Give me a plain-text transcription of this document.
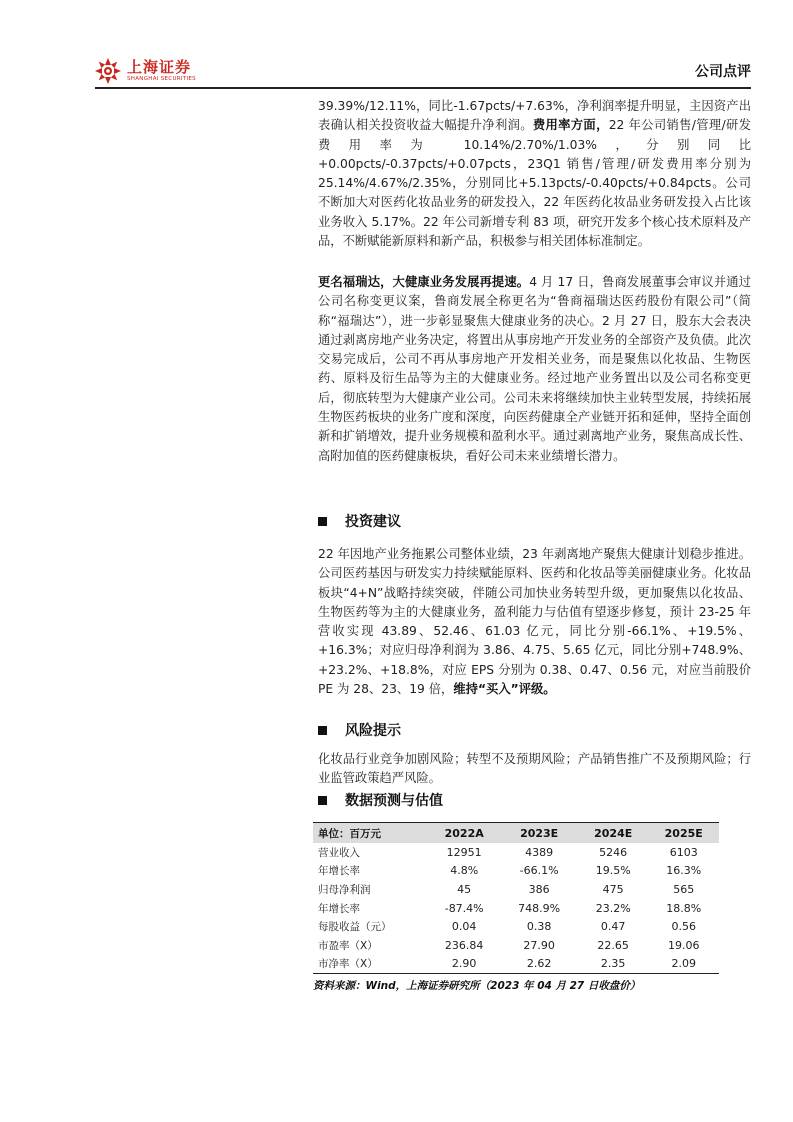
上海证券
SHANGHAI SECURITIES	公司点评

39.39%/12.11%，同比-1.67pcts/+7.63%，净利润率提升明显，主因资产出表确认相关投资收益大幅提升净利润。费用率方面，22 年公司销售/管理/研发费用率为 10.14%/2.70%/1.03%，分别同比+0.00pcts/-0.37pcts/+0.07pcts，23Q1 销售/管理/研发费用率分别为 25.14%/4.67%/2.35%，分别同比+5.13pcts/-0.40pcts/+0.84pcts。公司不断加大对医药化妆品业务的研发投入，22 年医药化妆品业务研发投入占比该业务收入 5.17%。22 年公司新增专利 83 项，研究开发多个核心技术原料及产品，不断赋能新原料和新产品，积极参与相关团体标准制定。

更名福瑞达，大健康业务发展再提速。4 月 17 日，鲁商发展董事会审议并通过公司名称变更议案，鲁商发展全称更名为“鲁商福瑞达医药股份有限公司”（简称“福瑞达”），进一步彰显聚焦大健康业务的决心。2 月 27 日，股东大会表决通过剥离房地产业务决定，将置出从事房地产开发业务的全部资产及负债。此次交易完成后，公司不再从事房地产开发相关业务，而是聚焦以化妆品、生物医药、原料及衍生品等为主的大健康业务。经过地产业务置出以及公司名称变更后，彻底转型为大健康产业公司。公司未来将继续加快主业转型发展，持续拓展生物医药板块的业务广度和深度，向医药健康全产业链开拓和延伸，坚持全面创新和扩销增效，提升业务规模和盈利水平。通过剥离地产业务，聚焦高成长性、高附加值的医药健康板块，看好公司未来业绩增长潜力。

投资建议

22 年因地产业务拖累公司整体业绩，23 年剥离地产聚焦大健康计划稳步推进。公司医药基因与研发实力持续赋能原料、医药和化妆品等美丽健康业务。化妆品板块“4+N”战略持续突破，伴随公司加快业务转型升级，更加聚焦以化妆品、生物医药等为主的大健康业务，盈利能力与估值有望逐步修复，预计 23-25 年营收实现 43.89、52.46、61.03 亿元，同比分别-66.1%、+19.5%、+16.3%；对应归母净利润为 3.86、4.75、5.65 亿元，同比分别+748.9%、+23.2%、+18.8%，对应 EPS 分别为 0.38、0.47、0.56 元，对应当前股价 PE 为 28、23、19 倍，维持“买入”评级。

风险提示

化妆品行业竞争加剧风险；转型不及预期风险；产品销售推广不及预期风险；行业监管政策趋严风险。

数据预测与估值
单位：百万元	2022A	2023E	2024E	2025E
营业收入	12951	4389	5246	6103
年增长率	4.8%	-66.1%	19.5%	16.3%
归母净利润	45	386	475	565
年增长率	-87.4%	748.9%	23.2%	18.8%
每股收益（元）	0.04	0.38	0.47	0.56
市盈率（X）	236.84	27.90	22.65	19.06
市净率（X）	2.90	2.62	2.35	2.09
资料来源：Wind，上海证券研究所（2023 年 04 月 27 日收盘价）
